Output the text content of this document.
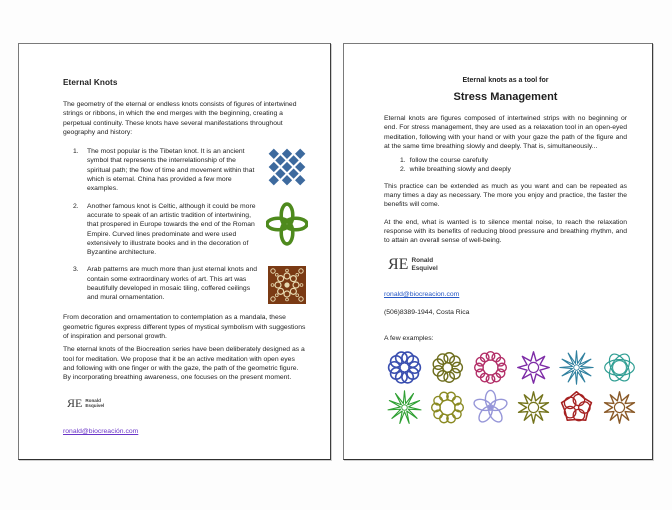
Eternal Knots

The geometry of the eternal or endless knots consists of figures of intertwined strings or ribbons, in which the end merges with the beginning, creating a perpetual continuity. These knots have several manifestations throughout geography and history:

1.	The most popular is the Tibetan knot. It is an ancient symbol that represents the interrelationship of the spiritual path; the flow of time and movement within that which is eternal. China has provided a few more examples.
2.	Another famous knot is Celtic, although it could be more accurate to speak of an artistic tradition of intertwining, that prospered in Europe towards the end of the Roman Empire. Curved lines predominate and were used extensively to illustrate books and in the decoration of Byzantine architecture.
3.	Arab patterns are much more than just eternal knots and contain some extraordinary works of art. This art was beautifully developed in mosaic tiling, coffered ceilings and mural ornamentation.

From decoration and ornamentation to contemplation as a mandala, these geometric figures express different types of mystical symbolism with suggestions of inspiration and personal growth.

The eternal knots of the Biocreation series have been deliberately designed as a tool for meditation. We propose that it be an active meditation with open eyes and following with one finger or with the gaze, the path of the geometric figure. By incorporating breathing awareness, one focuses on the present moment.

ЯE Ronald
Esquivel
ronald@biocreación.com
Eternal knots as a tool for
Stress Management

Eternal knots are figures composed of intertwined strips with no beginning or end. For stress management, they are used as a relaxation tool in an open-eyed meditation, following with your hand or with your gaze the path of the figure and at the same time breathing slowly and deeply. That is, simultaneously...

1. follow the course carefully
2. while breathing slowly and deeply

This practice can be extended as much as you want and can be repeated as many times a day as necessary. The more you enjoy and practice, the faster the benefits will come.

At the end, what is wanted is to silence mental noise, to reach the relaxation response with its benefits of reducing blood pressure and breathing rhythm, and to attain an overall sense of well-being.

ЯE Ronald
Esquivel
ronald@biocreacion.com
(506)8389-1944, Costa Rica
A few examples:
